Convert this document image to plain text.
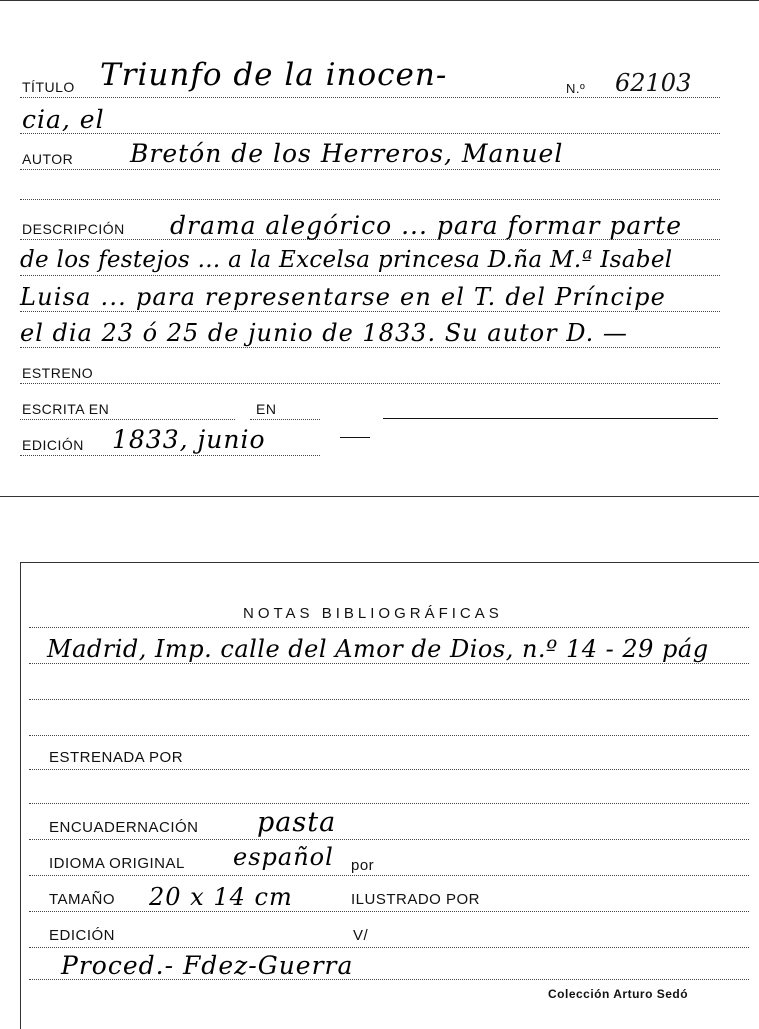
TÍTULO Triunfo de la inocen-	N.º 62103
cia, el
AUTOR Bretón de los Herreros, Manuel
DESCRIPCIÓN drama alegórico ... para formar parte
de los festejos ... a la Excelsa princesa D.ña M.ª Isabel
Luisa ... para representarse en el T. del Príncipe
el dia 23 ó 25 de junio de 1833. Su autor D. —
ESTRENO
ESCRITA EN	EN
EDICIÓN 1833, junio
NOTAS BIBLIOGRÁFICAS
Madrid, Imp. calle del Amor de Dios, n.º 14 - 29 pág
ESTRENADA POR
ENCUADERNACIÓN pasta
IDIOMA ORIGINAL español por
TAMAÑO 20 x 14 cm	ILUSTRADO POR
EDICIÓN	V/
Proced.- Fdez-Guerra
Colección Arturo Sedó
